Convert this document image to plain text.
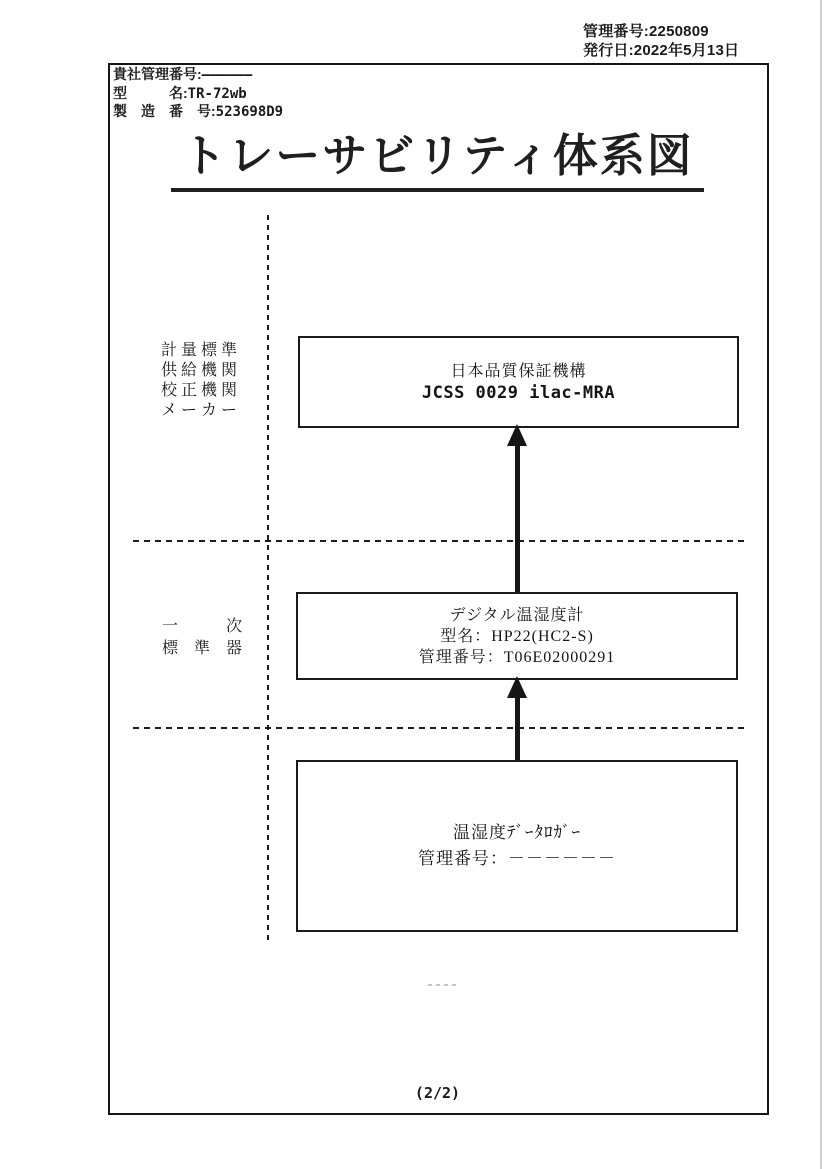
管理番号:2250809
発行日:2022年5月13日
貴社管理番号:——————
型　　　名:TR-72wb
製　造　番　号:523698D9
トレーサビリティ体系図
計 量 標 準
供 給 機 関
校 正 機 関
メ ー カ ー
一　　　次
標　準　器
日本品質保証機構
JCSS 0029 ilac-MRA
デジタル温湿度計
型名：HP22(HC2-S)
管理番号：T06E02000291
温湿度ﾃﾞｰﾀﾛｶﾞｰ
管理番号：－－－－－－
(2/2)
